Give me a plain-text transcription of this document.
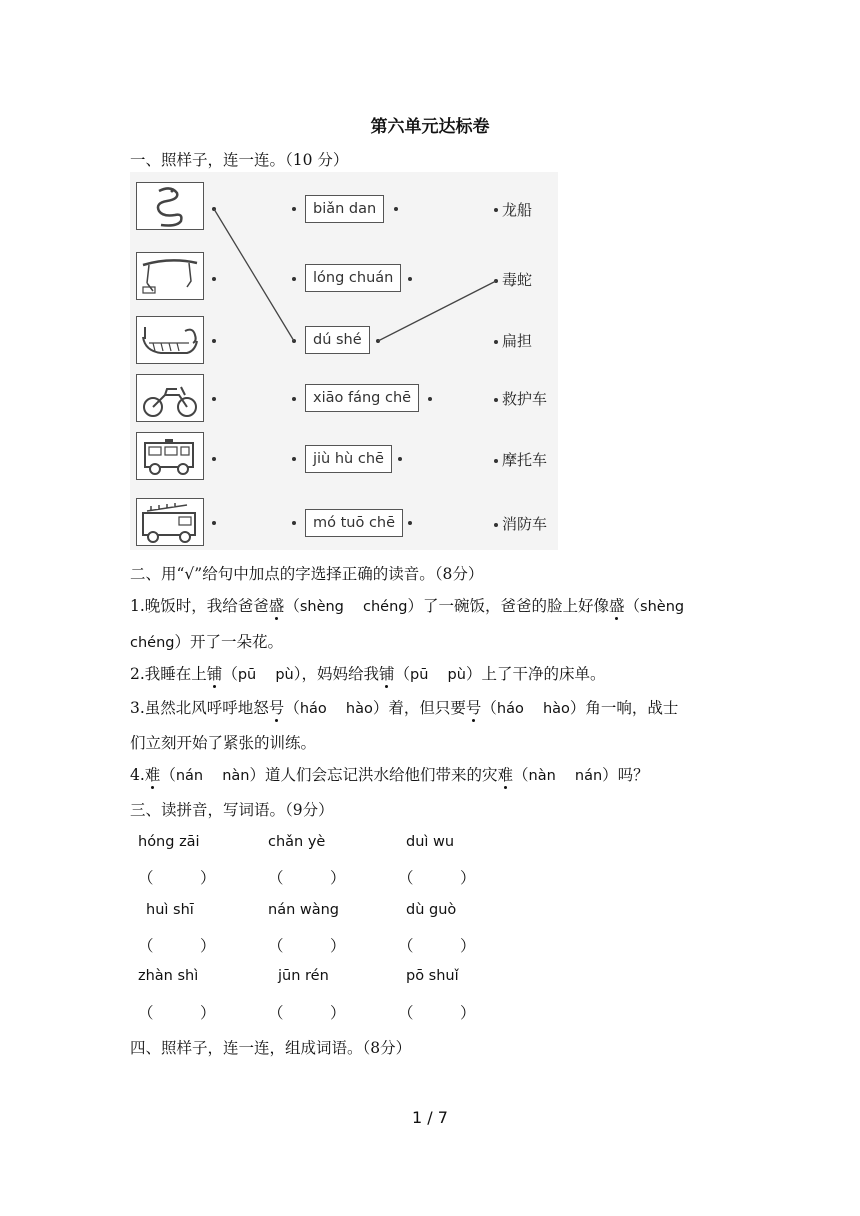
第六单元达标卷
一、照样子，连一连。（10 分）
biǎn dan
lóng chuán
dú shé
xiāo fáng chē
jiù hù chē
mó tuō chē
龙船
毒蛇
扁担
救护车
摩托车
消防车
二、用“√”给句中加点的字选择正确的读音。（8分）
1.晚饭时，我给爸爸盛（shèng　 chéng）了一碗饭，爸爸的脸上好像盛（shèng
chéng）开了一朵花。
2.我睡在上铺（pū　 pù），妈妈给我铺（pū　 pù）上了干净的床单。
3.虽然北风呼呼地怒号（háo　 hào）着，但只要号（háo　 hào）角一响，战士
们立刻开始了紧张的训练。
4.难（nán　 nàn）道人们会忘记洪水给他们带来的灾难（nàn　 nán）吗？
三、读拼音，写词语。（9分）
hóng zāi	chǎn yè	duì wu
（　　　）	（　　　）	（　　　）
huì shī	nán wàng	dù guò
（　　　）	（　　　）	（　　　）
zhàn shì	jūn rén	pō shuǐ
（　　　）	（　　　）	（　　　）
四、照样子，连一连，组成词语。（8分）
1 / 7
